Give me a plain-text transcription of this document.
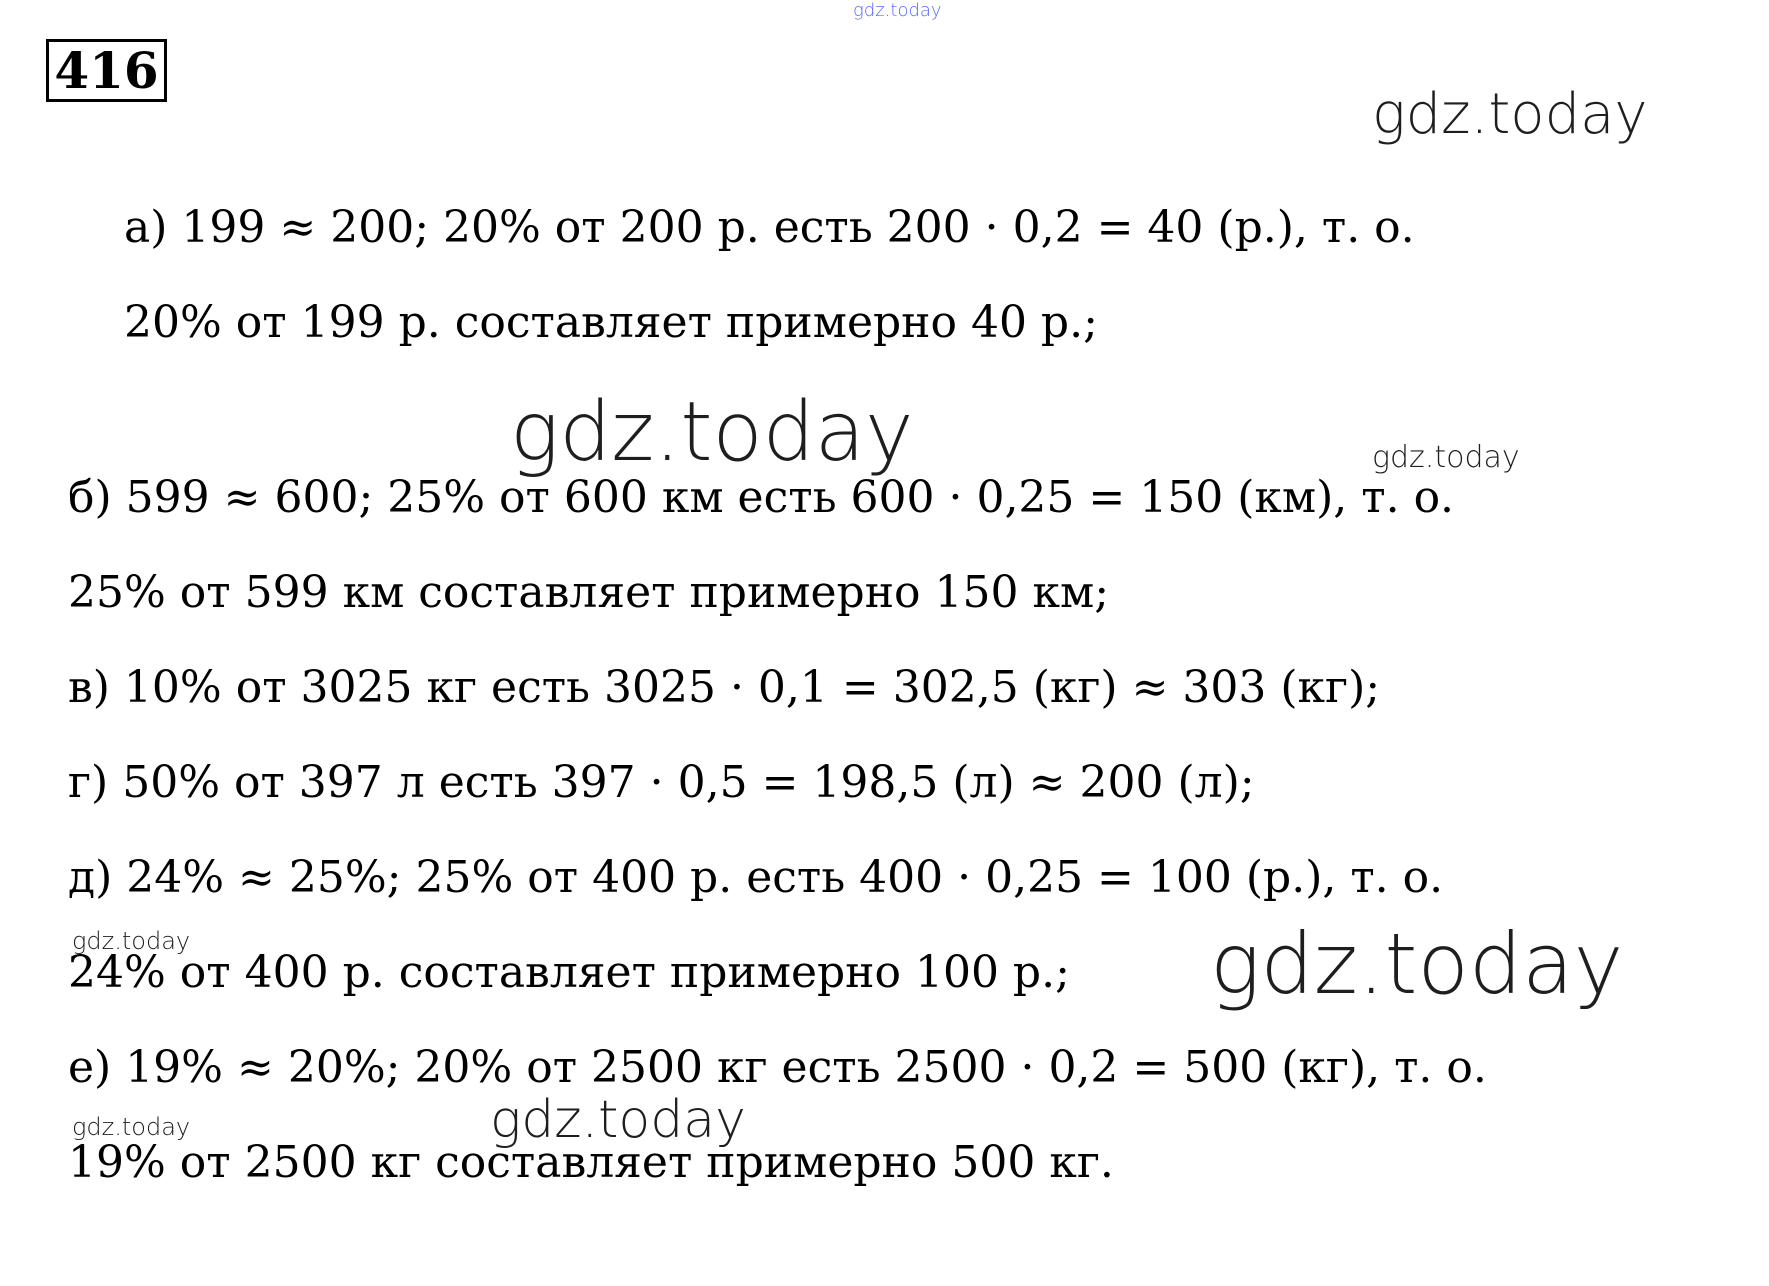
416
gdz.today
gdz.today
gdz.today	gdz.today
gdz.today	gdz.today
gdz.today
gdz.today
а) 199 ≈ 200; 20% от 200 р. есть 200 · 0,2 = 40 (р.), т. о.
20% от 199 р. составляет примерно 40 р.;
б) 599 ≈ 600; 25% от 600 км есть 600 · 0,25 = 150 (км), т. о.
25% от 599 км составляет примерно 150 км;
в) 10% от 3025 кг есть 3025 · 0,1 = 302,5 (кг) ≈ 303 (кг);
г) 50% от 397 л есть 397 · 0,5 = 198,5 (л) ≈ 200 (л);
д) 24% ≈ 25%; 25% от 400 р. есть 400 · 0,25 = 100 (р.), т. о.
24% от 400 р. составляет примерно 100 р.;
е) 19% ≈ 20%; 20% от 2500 кг есть 2500 · 0,2 = 500 (кг), т. о.
19% от 2500 кг составляет примерно 500 кг.
